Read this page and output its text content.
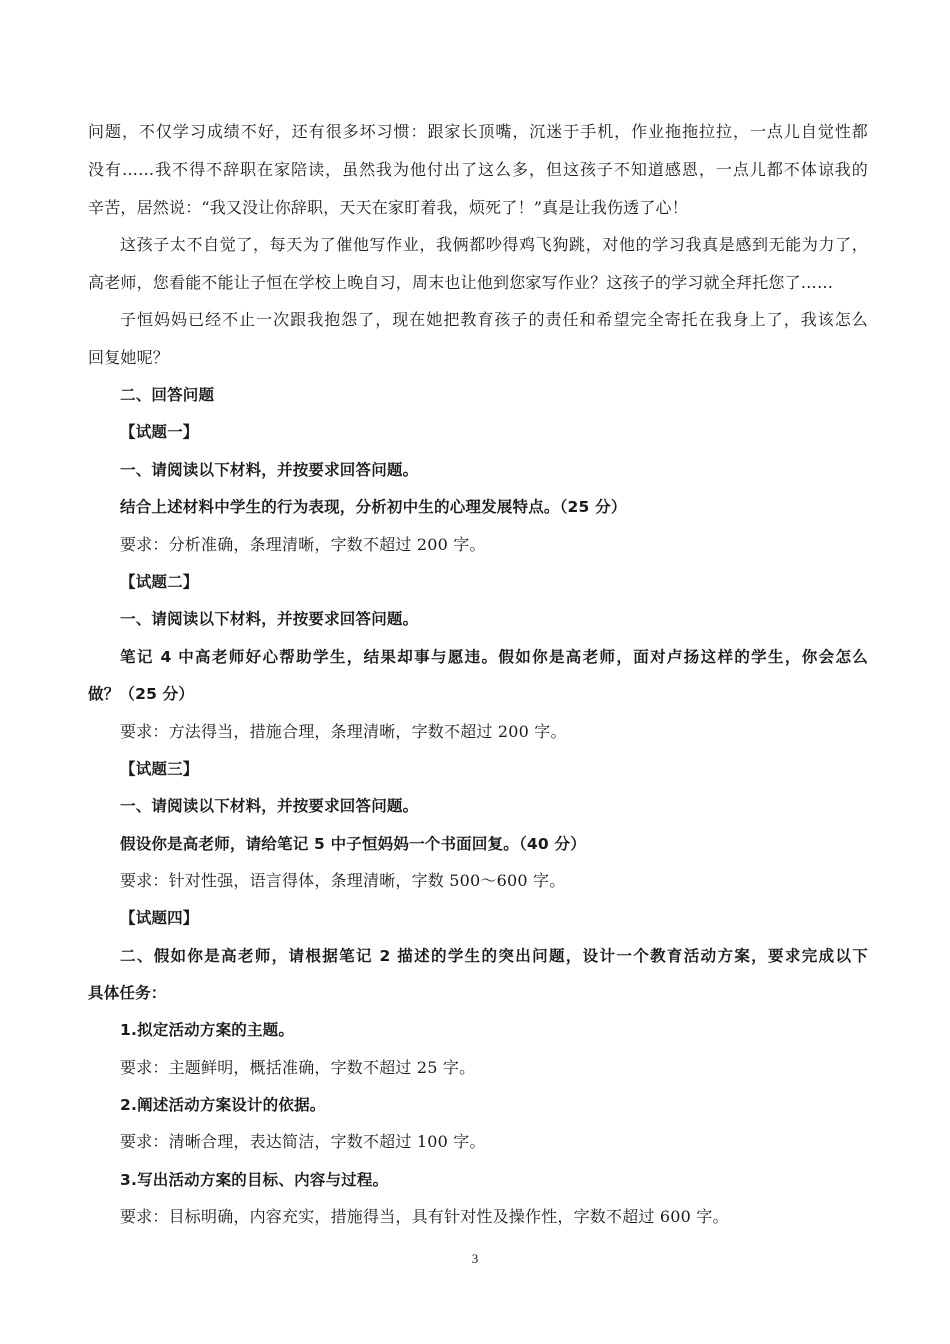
问题，不仅学习成绩不好，还有很多坏习惯：跟家长顶嘴，沉迷于手机，作业拖拖拉拉，一点儿自觉性都
没有……我不得不辞职在家陪读，虽然我为他付出了这么多，但这孩子不知道感恩，一点儿都不体谅我的
辛苦，居然说：“我又没让你辞职，天天在家盯着我，烦死了！”真是让我伤透了心！
这孩子太不自觉了，每天为了催他写作业，我俩都吵得鸡飞狗跳，对他的学习我真是感到无能为力了，
高老师，您看能不能让子恒在学校上晚自习，周末也让他到您家写作业？这孩子的学习就全拜托您了……
子恒妈妈已经不止一次跟我抱怨了，现在她把教育孩子的责任和希望完全寄托在我身上了，我该怎么
回复她呢？
二、回答问题
【试题一】
一、请阅读以下材料，并按要求回答问题。
结合上述材料中学生的行为表现，分析初中生的心理发展特点。（25 分）
要求：分析准确，条理清晰，字数不超过 200 字。
【试题二】
一、请阅读以下材料，并按要求回答问题。
笔记 4 中高老师好心帮助学生，结果却事与愿违。假如你是高老师，面对卢扬这样的学生，你会怎么
做？（25 分）
要求：方法得当，措施合理，条理清晰，字数不超过 200 字。
【试题三】
一、请阅读以下材料，并按要求回答问题。
假设你是高老师，请给笔记 5 中子恒妈妈一个书面回复。（40 分）
要求：针对性强，语言得体，条理清晰，字数 500～600 字。
【试题四】
二、假如你是高老师，请根据笔记 2 描述的学生的突出问题，设计一个教育活动方案，要求完成以下
具体任务：
1.拟定活动方案的主题。
要求：主题鲜明，概括准确，字数不超过 25 字。
2.阐述活动方案设计的依据。
要求：清晰合理，表达简洁，字数不超过 100 字。
3.写出活动方案的目标、内容与过程。
要求：目标明确，内容充实，措施得当，具有针对性及操作性，字数不超过 600 字。
3
